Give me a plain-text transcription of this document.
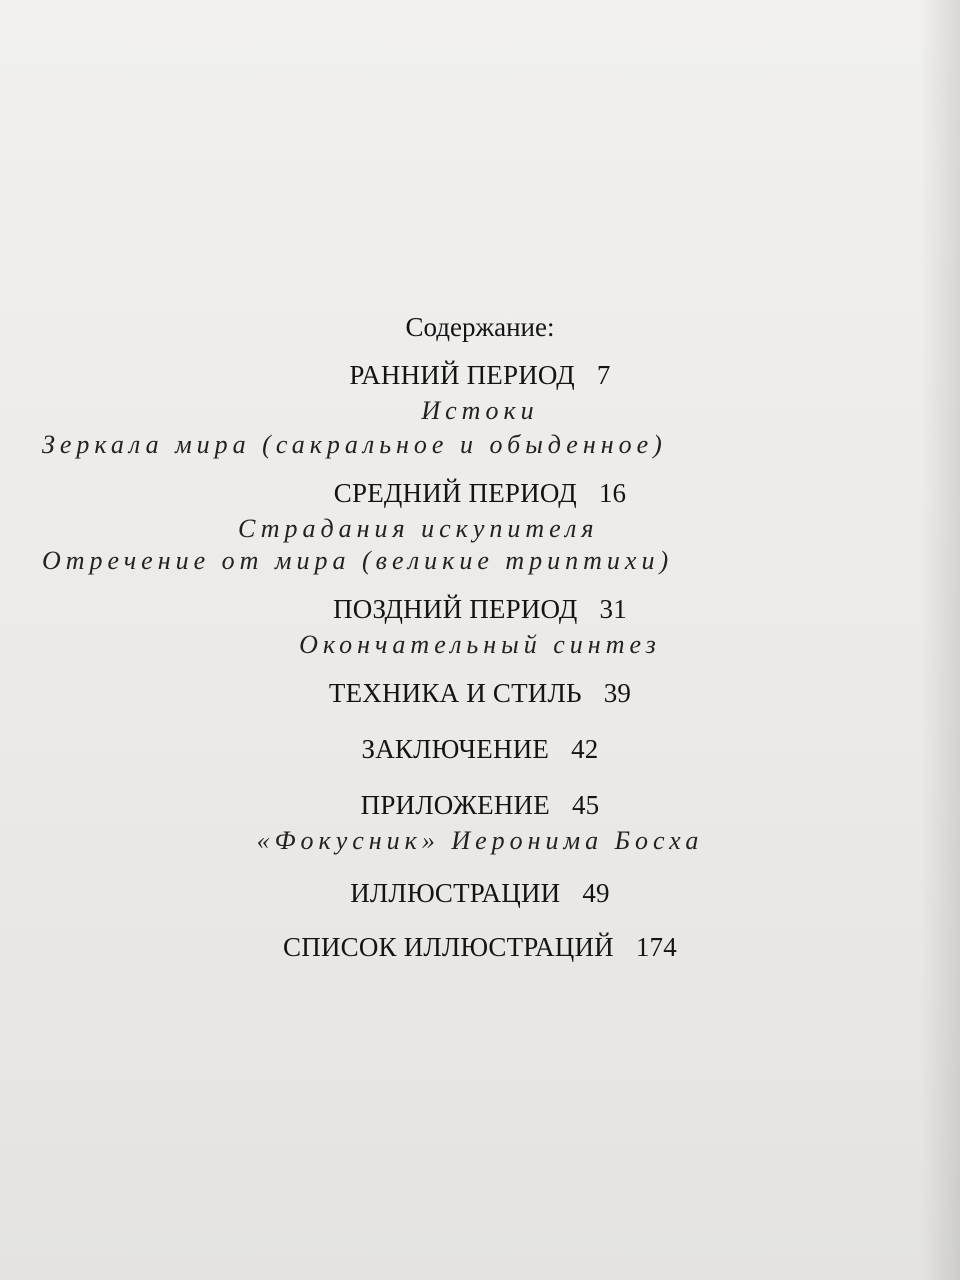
Содержание:
РАННИЙ ПЕРИОД 7
Истоки
Зеркала мира (сакральное и обыденное)
СРЕДНИЙ ПЕРИОД 16
Страдания искупителя
Отречение от мира (великие триптихи)
ПОЗДНИЙ ПЕРИОД 31
Окончательный синтез
ТЕХНИКА И СТИЛЬ 39
ЗАКЛЮЧЕНИЕ 42
ПРИЛОЖЕНИЕ 45
«Фокусник» Иеронима Босха
ИЛЛЮСТРАЦИИ 49
СПИСОК ИЛЛЮСТРАЦИЙ 174
